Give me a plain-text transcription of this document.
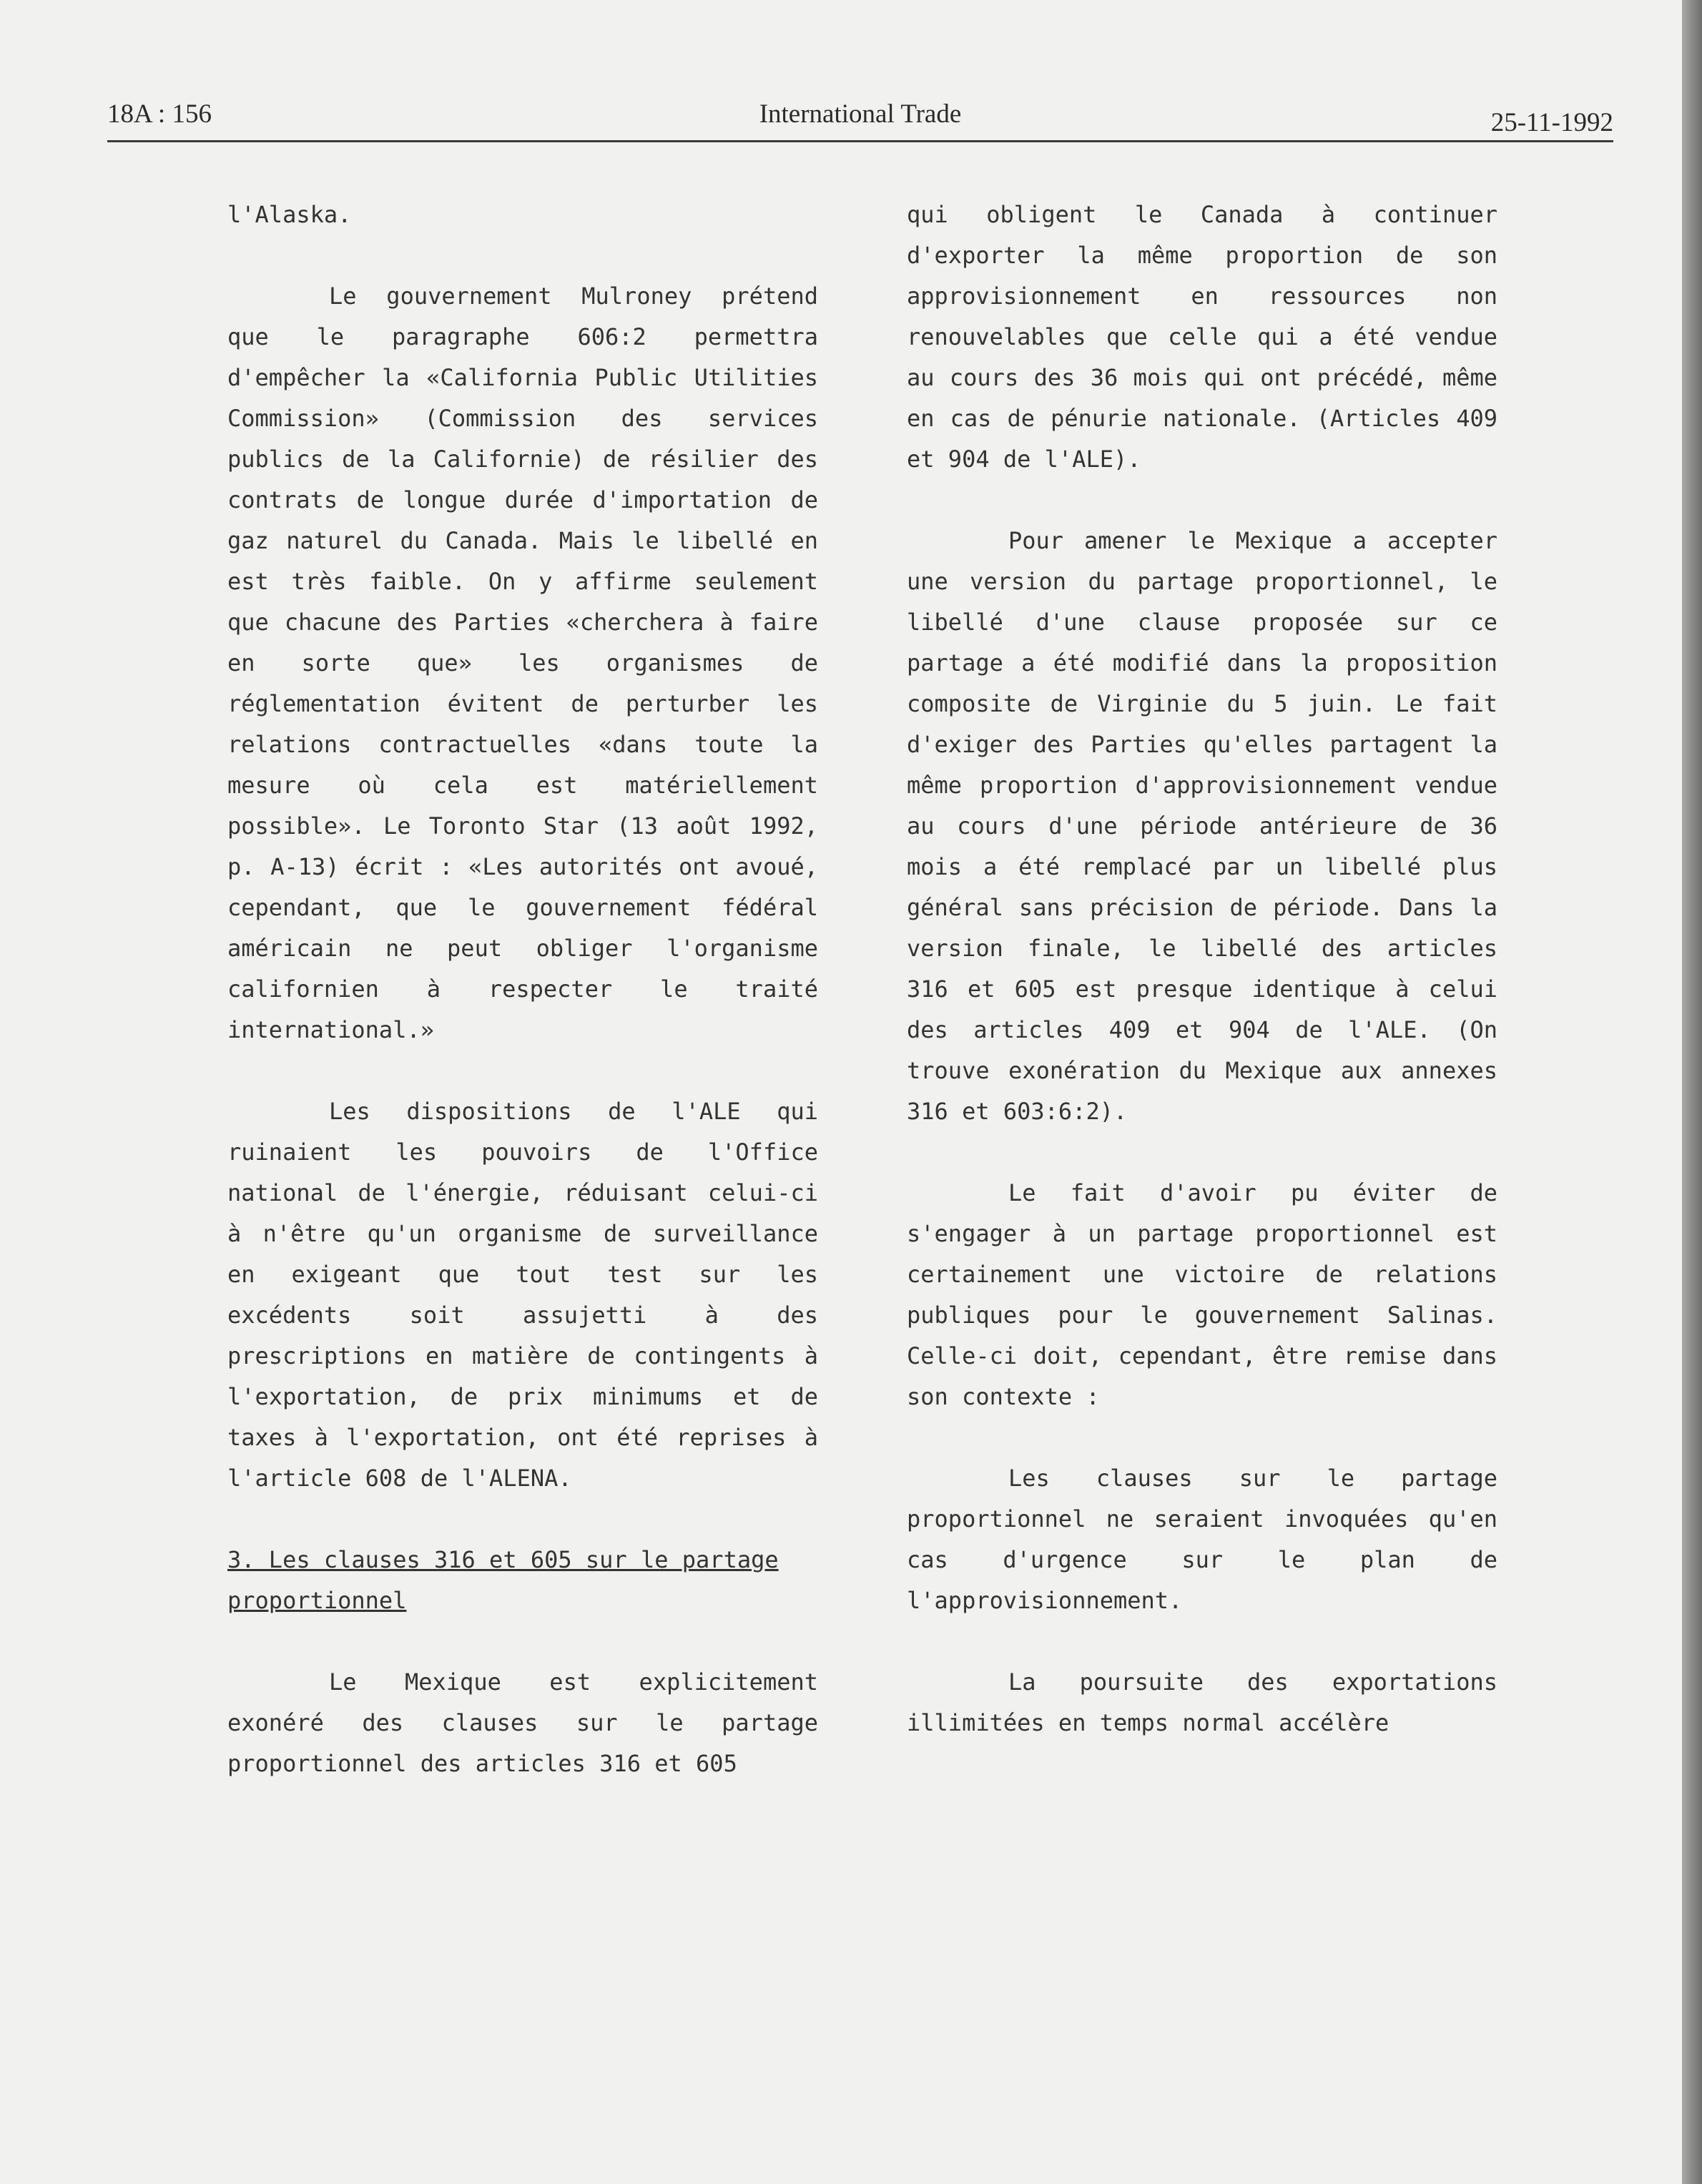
18A : 156	International Trade	25-11-1992

l'Alaska.

Le gouvernement Mulroney prétend que le paragraphe 606:2 permettra d'empêcher la «California Public Utilities Commission» (Commission des services publics de la Californie) de résilier des contrats de longue durée d'importation de gaz naturel du Canada. Mais le libellé en est très faible. On y affirme seulement que chacune des Parties «cherchera à faire en sorte que» les organismes de réglementation évitent de perturber les relations contractuelles «dans toute la mesure où cela est matériellement possible». Le Toronto Star (13 août 1992, p. A-13) écrit : «Les autorités ont avoué, cependant, que le gouvernement fédéral américain ne peut obliger l'organisme californien à respecter le traité international.»

Les dispositions de l'ALE qui ruinaient les pouvoirs de l'Office national de l'énergie, réduisant celui-ci à n'être qu'un organisme de surveillance en exigeant que tout test sur les excédents soit assujetti à des prescriptions en matière de contingents à l'exportation, de prix minimums et de taxes à l'exportation, ont été reprises à l'article 608 de l'ALENA.

3. Les clauses 316 et 605 sur le partage proportionnel

Le Mexique est explicitement exonéré des clauses sur le partage proportionnel des articles 316 et 605

qui obligent le Canada à continuer d'exporter la même proportion de son approvisionnement en ressources non renouvelables que celle qui a été vendue au cours des 36 mois qui ont précédé, même en cas de pénurie nationale. (Articles 409 et 904 de l'ALE).

Pour amener le Mexique a accepter une version du partage proportionnel, le libellé d'une clause proposée sur ce partage a été modifié dans la proposition composite de Virginie du 5 juin. Le fait d'exiger des Parties qu'elles partagent la même proportion d'approvisionnement vendue au cours d'une période antérieure de 36 mois a été remplacé par un libellé plus général sans précision de période. Dans la version finale, le libellé des articles 316 et 605 est presque identique à celui des articles 409 et 904 de l'ALE. (On trouve exonération du Mexique aux annexes 316 et 603:6:2).

Le fait d'avoir pu éviter de s'engager à un partage proportionnel est certainement une victoire de relations publiques pour le gouvernement Salinas. Celle-ci doit, cependant, être remise dans son contexte :

Les clauses sur le partage proportionnel ne seraient invoquées qu'en cas d'urgence sur le plan de l'approvisionnement.

La poursuite des exportations illimitées en temps normal accélère
